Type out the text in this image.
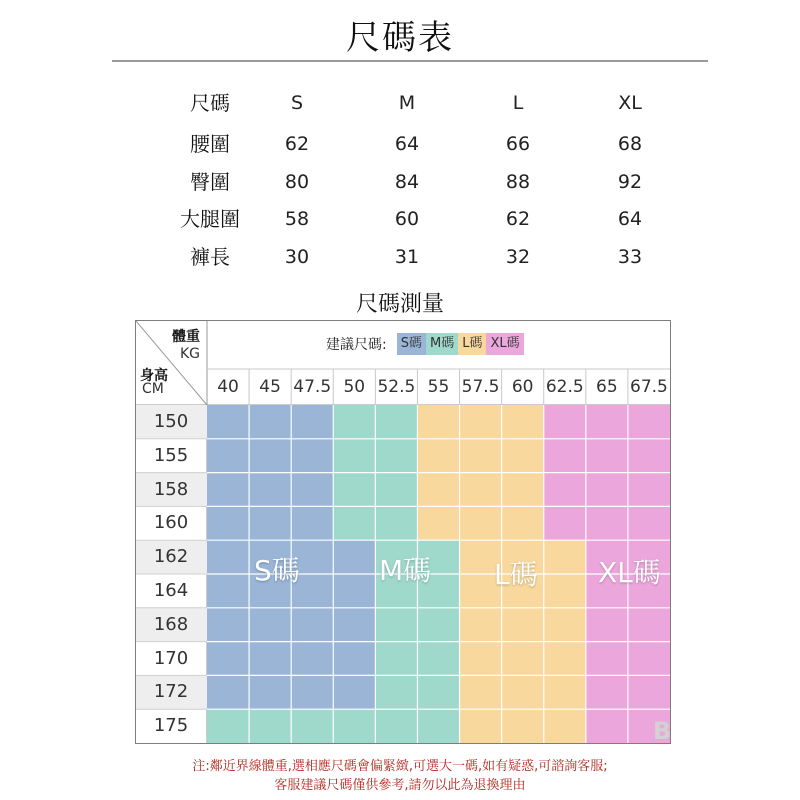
尺碼表
尺碼	S	M	L	XL
腰圍	62	64	66	68
臀圍	80	84	88	92
大腿圍	58	60	62	64
褲長	30	31	32	33
尺碼測量
體重
KG
身高
CM
建議尺碼:	S碼 M碼 L碼 XL碼
40	45 47.5 50 52.5 55 57.5 60 62.5 65 67.5
150
155
158
160
162
164
168
170
172
175
S碼	M碼 L碼 XL碼
B
注:鄰近界線體重,選相應尺碼會偏緊緻,可選大一碼,如有疑惑,可諮詢客服;
客服建議尺碼僅供參考,請勿以此為退換理由
